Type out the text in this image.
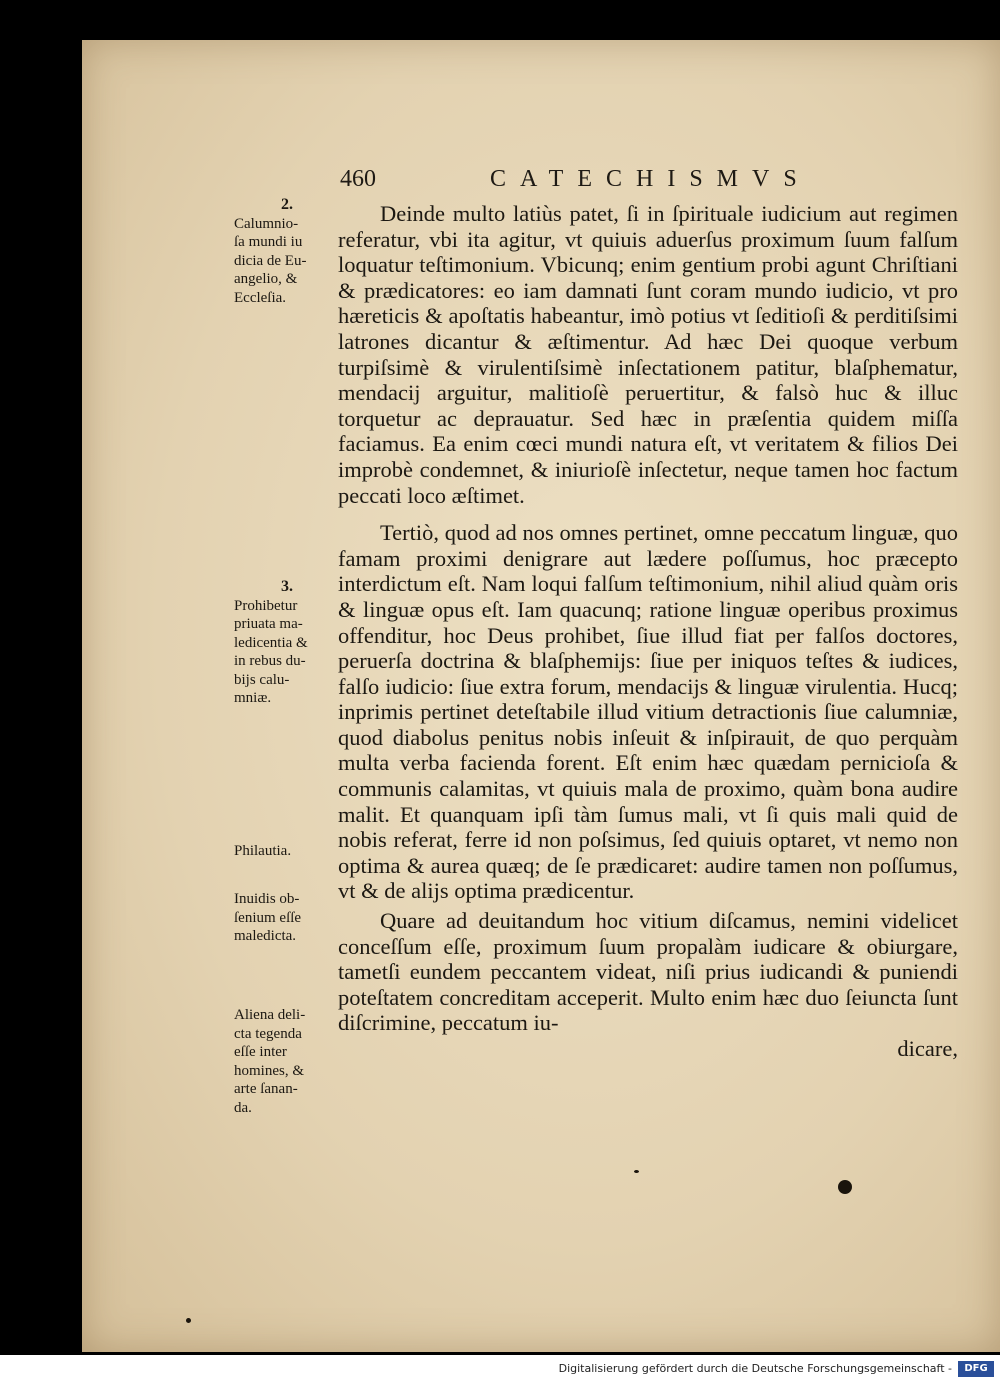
460	CATECHISMVS
2.
Calumnio-
ſa mundi iu
dicia de Eu-
angelio, &
Eccleſia.
3.
Prohibetur
priuata ma-
ledicentia &
in rebus du-
bijs calu-
mniæ.
Philautia.
Inuidis ob-
ſenium eſſe
maledicta.
Aliena deli-
cta tegenda
eſſe inter
homines, &
arte ſanan-
da.

Deinde multo latiùs patet, ſi in ſpirituale iudicium aut regimen referatur, vbi ita agitur, vt quiuis aduerſus proximum ſuum falſum loquatur teſtimonium. Vbicunq; enim gentium probi agunt Chriſtiani & prædicatores: eo iam damnati ſunt coram mundo iudicio, vt pro hæreticis & apoſtatis habeantur, imò potius vt ſeditioſi & perditiſsimi latrones dicantur & æſtimentur. Ad hæc Dei quoque verbum turpiſsimè & virulentiſsimè inſectationem patitur, blaſphematur, mendacij arguitur, malitioſè peruertitur, & falsò huc & illuc torquetur ac deprauatur. Sed hæc in præſentia quidem miſſa faciamus. Ea enim cœci mundi natura eſt, vt veritatem & filios Dei improbè condemnet, & iniurioſè inſectetur, neque tamen hoc factum peccati loco æſtimet.

Tertiò, quod ad nos omnes pertinet, omne peccatum linguæ, quo famam proximi denigrare aut lædere poſſumus, hoc præcepto interdictum eſt. Nam loqui falſum teſtimonium, nihil aliud quàm oris & linguæ opus eſt. Iam quacunq; ratione linguæ operibus proximus offenditur, hoc Deus prohibet, ſiue illud fiat per falſos doctores, peruerſa doctrina & blaſphemijs: ſiue per iniquos teſtes & iudices, falſo iudicio: ſiue extra forum, mendacijs & linguæ virulentia. Hucq; inprimis pertinet deteſtabile illud vitium detractionis ſiue calumniæ, quod diabolus penitus nobis inſeuit & inſpirauit, de quo perquàm multa verba facienda forent. Eſt enim hæc quædam pernicioſa & communis calamitas, vt quiuis mala de proximo, quàm bona audire malit. Et quanquam ipſi tàm ſumus mali, vt ſi quis mali quid de nobis referat, ferre id non poſsimus, ſed quiuis optaret, vt nemo non optima & aurea quæq; de ſe prædicaret: audire tamen non poſſumus, vt & de alijs optima prædicentur.

Quare ad deuitandum hoc vitium diſcamus, nemini videlicet conceſſum eſſe, proximum ſuum propalàm iudicare & obiurgare, tametſi eundem peccantem videat, niſi prius iudicandi & puniendi poteſtatem concreditam acceperit. Multo enim hæc duo ſeiuncta ſunt diſcrimine, peccatum iu-

dicare,

Digitalisierung gefördert durch die Deutsche Forschungsgemeinschaft -	DFG
